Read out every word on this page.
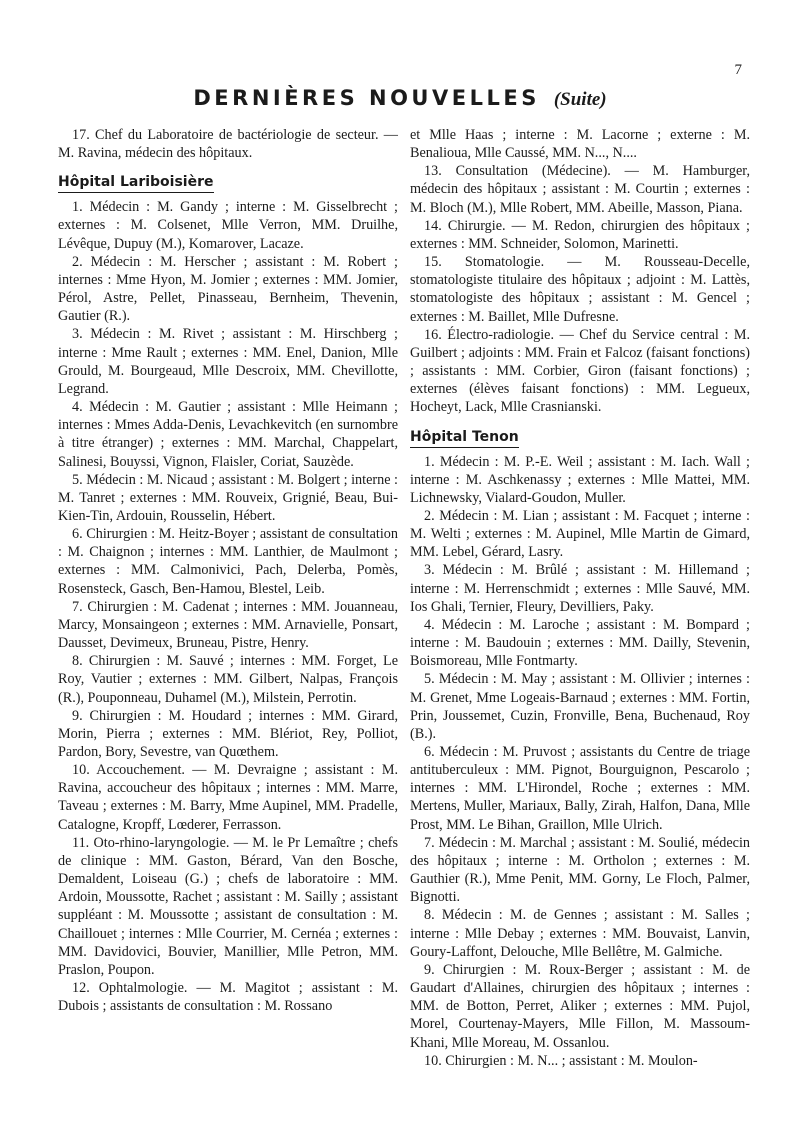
7
DERNIÈRES NOUVELLES (Suite)

17. Chef du Laboratoire de bactériologie de secteur. — M. Ravina, médecin des hôpitaux.

Hôpital Lariboisière

1. Médecin : M. Gandy ; interne : M. Gisselbrecht ; externes : M. Colsenet, Mlle Verron, MM. Druilhe, Lévêque, Dupuy (M.), Komarover, Lacaze.

2. Médecin : M. Herscher ; assistant : M. Robert ; internes : Mme Hyon, M. Jomier ; externes : MM. Jomier, Pérol, Astre, Pellet, Pinasseau, Bernheim, Thevenin, Gautier (R.).

3. Médecin : M. Rivet ; assistant : M. Hirschberg ; interne : Mme Rault ; externes : MM. Enel, Danion, Mlle Grould, M. Bourgeaud, Mlle Descroix, MM. Chevillotte, Legrand.

4. Médecin : M. Gautier ; assistant : Mlle Heimann ; internes : Mmes Adda-Denis, Levachkevitch (en surnombre à titre étranger) ; externes : MM. Marchal, Chappelart, Salinesi, Bouyssi, Vignon, Flaisler, Coriat, Sauzède.

5. Médecin : M. Nicaud ; assistant : M. Bolgert ; interne : M. Tanret ; externes : MM. Rouveix, Grignié, Beau, Bui-Kien-Tin, Ardouin, Rousselin, Hébert.

6. Chirurgien : M. Heitz-Boyer ; assistant de consultation : M. Chaignon ; internes : MM. Lanthier, de Maulmont ; externes : MM. Calmonivici, Pach, Delerba, Pomès, Rosensteck, Gasch, Ben-Hamou, Blestel, Leib.

7. Chirurgien : M. Cadenat ; internes : MM. Jouanneau, Marcy, Monsaingeon ; externes : MM. Arnavielle, Ponsart, Dausset, Devimeux, Bruneau, Pistre, Henry.

8. Chirurgien : M. Sauvé ; internes : MM. Forget, Le Roy, Vautier ; externes : MM. Gilbert, Nalpas, François (R.), Pouponneau, Duhamel (M.), Milstein, Perrotin.

9. Chirurgien : M. Houdard ; internes : MM. Girard, Morin, Pierra ; externes : MM. Blériot, Rey, Polliot, Pardon, Bory, Sevestre, van Quœthem.

10. Accouchement. — M. Devraigne ; assistant : M. Ravina, accoucheur des hôpitaux ; internes : MM. Marre, Taveau ; externes : M. Barry, Mme Aupinel, MM. Pradelle, Catalogne, Kropff, Lœderer, Ferrasson.

11. Oto-rhino-laryngologie. — M. le Pr Lemaître ; chefs de clinique : MM. Gaston, Bérard, Van den Bosche, Demaldent, Loiseau (G.) ; chefs de laboratoire : MM. Ardoin, Moussotte, Rachet ; assistant : M. Sailly ; assistant suppléant : M. Moussotte ; assistant de consultation : M. Chaillouet ; internes : Mlle Courrier, M. Cernéa ; externes : MM. Davidovici, Bouvier, Manillier, Mlle Petron, MM. Praslon, Poupon.

12. Ophtalmologie. — M. Magitot ; assistant : M. Dubois ; assistants de consultation : M. Rossano

et Mlle Haas ; interne : M. Lacorne ; externe : M. Benalioua, Mlle Caussé, MM. N..., N....

13. Consultation (Médecine). — M. Hamburger, médecin des hôpitaux ; assistant : M. Courtin ; externes : M. Bloch (M.), Mlle Robert, MM. Abeille, Masson, Piana.

14. Chirurgie. — M. Redon, chirurgien des hôpitaux ; externes : MM. Schneider, Solomon, Marinetti.

15. Stomatologie. — M. Rousseau-Decelle, stomatologiste titulaire des hôpitaux ; adjoint : M. Lattès, stomatologiste des hôpitaux ; assistant : M. Gencel ; externes : M. Baillet, Mlle Dufresne.

16. Électro-radiologie. — Chef du Service central : M. Guilbert ; adjoints : MM. Frain et Falcoz (faisant fonctions) ; assistants : MM. Corbier, Giron (faisant fonctions) ; externes (élèves faisant fonctions) : MM. Legueux, Hocheyt, Lack, Mlle Crasnianski.

Hôpital Tenon

1. Médecin : M. P.-E. Weil ; assistant : M. Iach. Wall ; interne : M. Aschkenassy ; externes : Mlle Mattei, MM. Lichnewsky, Vialard-Goudon, Muller.

2. Médecin : M. Lian ; assistant : M. Facquet ; interne : M. Welti ; externes : M. Aupinel, Mlle Martin de Gimard, MM. Lebel, Gérard, Lasry.

3. Médecin : M. Brûlé ; assistant : M. Hillemand ; interne : M. Herrenschmidt ; externes : Mlle Sauvé, MM. Ios Ghali, Ternier, Fleury, Devilliers, Paky.

4. Médecin : M. Laroche ; assistant : M. Bompard ; interne : M. Baudouin ; externes : MM. Dailly, Stevenin, Boismoreau, Mlle Fontmarty.

5. Médecin : M. May ; assistant : M. Ollivier ; internes : M. Grenet, Mme Logeais-Barnaud ; externes : MM. Fortin, Prin, Joussemet, Cuzin, Fronville, Bena, Buchenaud, Roy (B.).

6. Médecin : M. Pruvost ; assistants du Centre de triage antituberculeux : MM. Pignot, Bourguignon, Pescarolo ; internes : MM. L'Hirondel, Roche ; externes : MM. Mertens, Muller, Mariaux, Bally, Zirah, Halfon, Dana, Mlle Prost, MM. Le Bihan, Graillon, Mlle Ulrich.

7. Médecin : M. Marchal ; assistant : M. Soulié, médecin des hôpitaux ; interne : M. Ortholon ; externes : M. Gauthier (R.), Mme Penit, MM. Gorny, Le Floch, Palmer, Bignotti.

8. Médecin : M. de Gennes ; assistant : M. Salles ; interne : Mlle Debay ; externes : MM. Bouvaist, Lanvin, Goury-Laffont, Delouche, Mlle Bellêtre, M. Galmiche.

9. Chirurgien : M. Roux-Berger ; assistant : M. de Gaudart d'Allaines, chirurgien des hôpitaux ; internes : MM. de Botton, Perret, Aliker ; externes : MM. Pujol, Morel, Courtenay-Mayers, Mlle Fillon, M. Massoum-Khani, Mlle Moreau, M. Ossanlou.

10. Chirurgien : M. N... ; assistant : M. Moulon-
